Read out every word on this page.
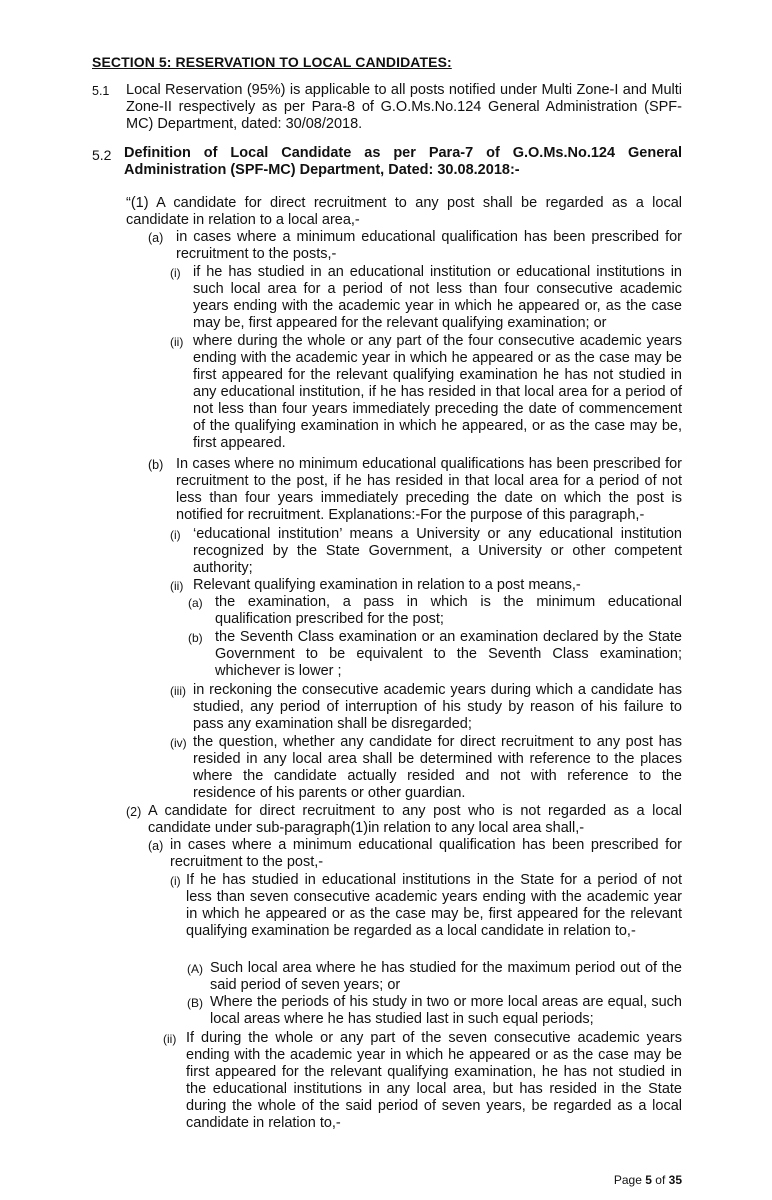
SECTION 5: RESERVATION TO LOCAL CANDIDATES:
5.1 Local Reservation (95%) is applicable to all posts notified under Multi Zone-I and Multi Zone-II respectively as per Para-8 of G.O.Ms.No.124 General Administration (SPF-MC) Department, dated: 30/08/2018.
5.2 Definition of Local Candidate as per Para-7 of G.O.Ms.No.124 General Administration (SPF-MC) Department, Dated: 30.08.2018:-
“(1) A candidate for direct recruitment to any post shall be regarded as a local candidate in relation to a local area,-
(a) in cases where a minimum educational qualification has been prescribed for recruitment to the posts,-
(i) if he has studied in an educational institution or educational institutions in such local area for a period of not less than four consecutive academic years ending with the academic year in which he appeared or, as the case may be, first appeared for the relevant qualifying examination; or
(ii) where during the whole or any part of the four consecutive academic years ending with the academic year in which he appeared or as the case may be first appeared for the relevant qualifying examination he has not studied in any educational institution, if he has resided in that local area for a period of not less than four years immediately preceding the date of commencement of the qualifying examination in which he appeared, or as the case may be, first appeared.
(b) In cases where no minimum educational qualifications has been prescribed for recruitment to the post, if he has resided in that local area for a period of not less than four years immediately preceding the date on which the post is notified for recruitment. Explanations:-For the purpose of this paragraph,-
(i) ‘educational institution’ means a University or any educational institution recognized by the State Government, a University or other competent authority;
(ii) Relevant qualifying examination in relation to a post means,-
(a) the examination, a pass in which is the minimum educational qualification prescribed for the post;
(b) the Seventh Class examination or an examination declared by the State Government to be equivalent to the Seventh Class examination; whichever is lower ;
(iii) in reckoning the consecutive academic years during which a candidate has studied, any period of interruption of his study by reason of his failure to pass any examination shall be disregarded;
(iv) the question, whether any candidate for direct recruitment to any post has resided in any local area shall be determined with reference to the places where the candidate actually resided and not with reference to the residence of his parents or other guardian.
(2) A candidate for direct recruitment to any post who is not regarded as a local candidate under sub-paragraph(1)in relation to any local area shall,-
(a) in cases where a minimum educational qualification has been prescribed for recruitment to the post,-
(i) If he has studied in educational institutions in the State for a period of not less than seven consecutive academic years ending with the academic year in which he appeared or as the case may be, first appeared for the relevant qualifying examination be regarded as a local candidate in relation to,-
(A) Such local area where he has studied for the maximum period out of the said period of seven years; or
(B) Where the periods of his study in two or more local areas are equal, such local areas where he has studied last in such equal periods;
(ii) If during the whole or any part of the seven consecutive academic years ending with the academic year in which he appeared or as the case may be first appeared for the relevant qualifying examination, he has not studied in the educational institutions in any local area, but has resided in the State during the whole of the said period of seven years, be regarded as a local candidate in relation to,-
Page 5 of 35
